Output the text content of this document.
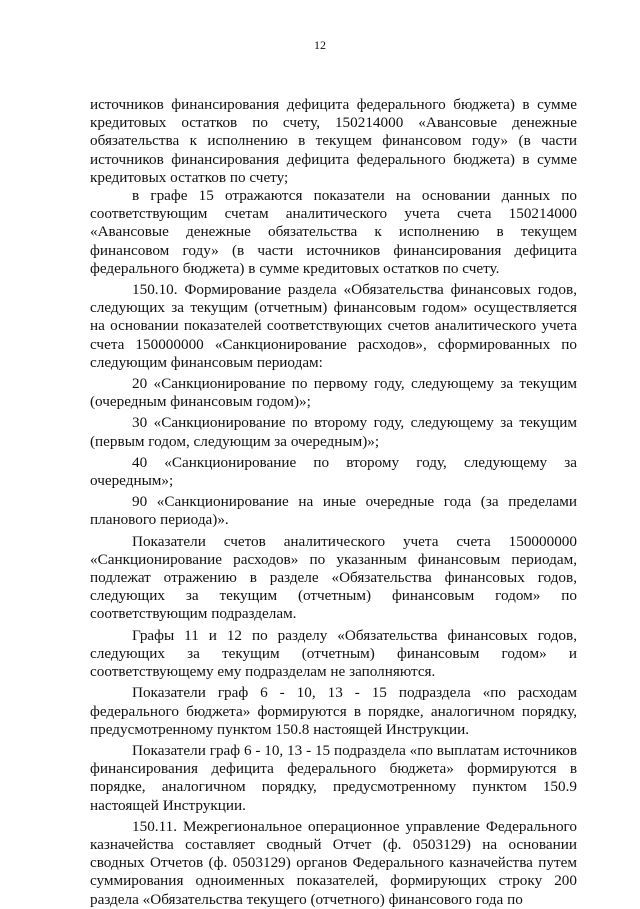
12

источников финансирования дефицита федерального бюджета) в сумме кредитовых остатков по счету, 150214000 «Авансовые денежные обязательства к исполнению в текущем финансовом году» (в части источников финансирования дефицита федерального бюджета) в сумме кредитовых остатков по счету;

в графе 15 отражаются показатели на основании данных по соответствующим счетам аналитического учета счета 150214000 «Авансовые денежные обязательства к исполнению в текущем финансовом году» (в части источников финансирования дефицита федерального бюджета) в сумме кредитовых остатков по счету.

150.10. Формирование раздела «Обязательства финансовых годов, следующих за текущим (отчетным) финансовым годом» осуществляется на основании показателей соответствующих счетов аналитического учета счета 150000000 «Санкционирование расходов», сформированных по следующим финансовым периодам:

20 «Санкционирование по первому году, следующему за текущим (очередным финансовым годом)»;

30 «Санкционирование по второму году, следующему за текущим (первым годом, следующим за очередным)»;

40 «Санкционирование по второму году, следующему за очередным»;

90 «Санкционирование на иные очередные года (за пределами планового периода)».

Показатели счетов аналитического учета счета 150000000 «Санкционирование расходов» по указанным финансовым периодам, подлежат отражению в разделе «Обязательства финансовых годов, следующих за текущим (отчетным) финансовым годом» по соответствующим подразделам.

Графы 11 и 12 по разделу «Обязательства финансовых годов, следующих за текущим (отчетным) финансовым годом» и соответствующему ему подразделам не заполняются.

Показатели граф 6 - 10, 13 - 15 подраздела «по расходам федерального бюджета» формируются в порядке, аналогичном порядку, предусмотренному пунктом 150.8 настоящей Инструкции.

Показатели граф 6 - 10, 13 - 15 подраздела «по выплатам источников финансирования дефицита федерального бюджета» формируются в порядке, аналогичном порядку, предусмотренному пунктом 150.9 настоящей Инструкции.

150.11. Межрегиональное операционное управление Федерального казначейства составляет сводный Отчет (ф. 0503129) на основании сводных Отчетов (ф. 0503129) органов Федерального казначейства путем суммирования одноименных показателей, формирующих строку 200 раздела «Обязательства текущего (отчетного) финансового года по
